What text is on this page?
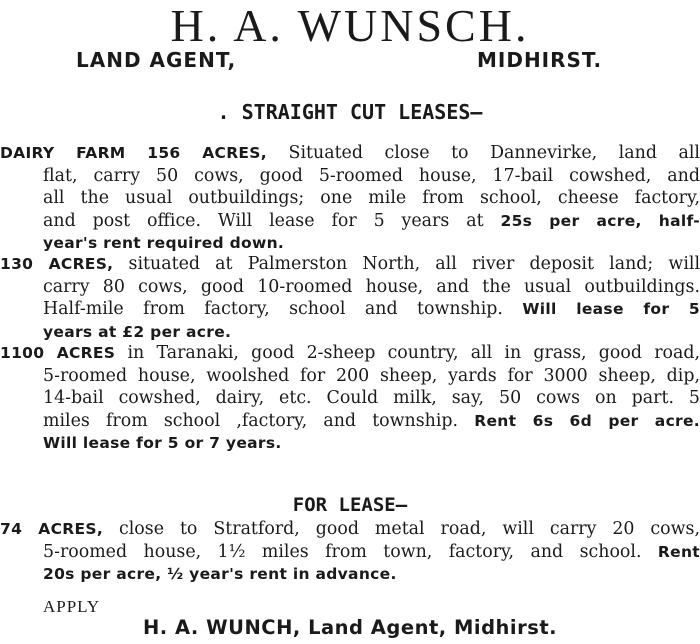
H. A. WUNSCH.
LAND AGENT,	MIDHIRST.
. STRAIGHT CUT LEASES—
DAIRY FARM 156 ACRES, Situated close to Dannevirke, land all
flat, carry 50 cows, good 5-roomed house, 17-bail cowshed, and
all the usual outbuildings; one mile from school, cheese factory,
and post office. Will lease for 5 years at 25s per acre, half-
year's rent required down.
130 ACRES, situated at Palmerston North, all river deposit land; will
carry 80 cows, good 10-roomed house, and the usual outbuildings.
Half-mile from factory, school and township. Will lease for 5
years at £2 per acre.
1100 ACRES in Taranaki, good 2-sheep country, all in grass, good road,
5-roomed house, woolshed for 200 sheep, yards for 3000 sheep, dip,
14-bail cowshed, dairy, etc. Could milk, say, 50 cows on part. 5
miles from school ,factory, and township. Rent 6s 6d per acre.
Will lease for 5 or 7 years.
FOR LEASE—
74 ACRES, close to Stratford, good metal road, will carry 20 cows,
5-roomed house, 1½ miles from town, factory, and school. Rent
20s per acre, ½ year's rent in advance.
APPLY
H. A. WUNCH, Land Agent, Midhirst.
